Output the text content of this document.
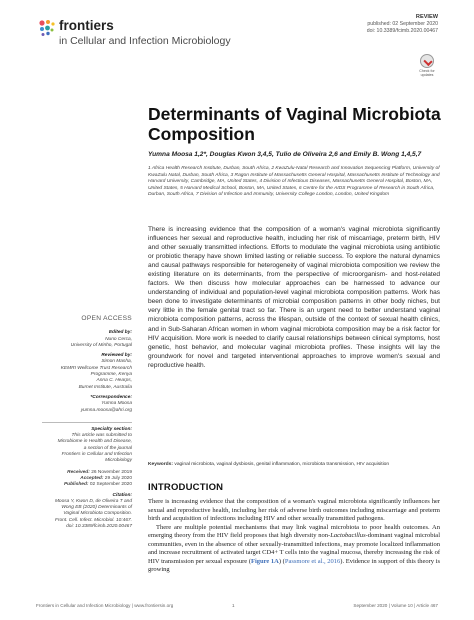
frontiers
in Cellular and Infection Microbiology
REVIEW
published: 02 September 2020
doi: 10.3389/fcimb.2020.00467
Check for updates
Determinants of Vaginal Microbiota
Composition
Yumna Moosa 1,2*, Douglas Kwon 3,4,5, Tulio de Oliveira 2,6 and Emily B. Wong 1,4,5,7
1 Africa Health Research Institute, Durban, South Africa, 2 KwaZulu-Natal Research and Innovation Sequencing Platform, University of KwaZulu Natal, Durban, South Africa, 3 Ragon Institute of Massachusetts General Hospital, Massachusetts Institute of Technology and Harvard University, Cambridge, MA, United States, 4 Division of Infectious Diseases, Massachusetts General Hospital, Boston, MA, United States, 5 Harvard Medical School, Boston, MA, United States, 6 Centre for the AIDS Programme of Research in South Africa, Durban, South Africa, 7 Division of Infection and Immunity, University College London, London, United Kingdom
There is increasing evidence that the composition of a woman's vaginal microbiota significantly influences her sexual and reproductive health, including her risk of miscarriage, preterm birth, HIV and other sexually transmitted infections. Efforts to modulate the vaginal microbiota using antibiotic or probiotic therapy have shown limited lasting or reliable success. To explore the natural dynamics and causal pathways responsible for heterogeneity of vaginal microbiota composition we review the existing literature on its determinants, from the perspective of microorganism- and host-related factors. We then discuss how molecular approaches can be harnessed to advance our understanding of individual and population-level vaginal microbiota composition patterns. Work has been done to investigate determinants of microbial composition patterns in other body niches, but very little in the female genital tract so far. There is an urgent need to better understand vaginal microbiota composition patterns, across the lifespan, outside of the context of sexual health clinics, and in Sub-Saharan African women in whom vaginal microbiota composition may be a risk factor for HIV acquisition. More work is needed to clarify causal relationships between clinical symptoms, host genetic, host behavior, and molecular vaginal microbiota profiles. These insights will lay the groundwork for novel and targeted interventional approaches to improve women's sexual and reproductive health.
Keywords: vaginal microbiota, vaginal dysbiosis, genital inflammation, microbiota transmission, HIV acquisition
OPEN ACCESS
Edited by:
Nuno Cerca,
University of Minho, Portugal
Reviewed by:
Simon Masha,
KEMRI Wellcome Trust Research
Programme, Kenya
Anna C. Hearps,
Burnet Institute, Australia
*Correspondence:
Yumna Moosa
yumna.moosa@ahri.org
Specialty section:
This article was submitted to
Microbiome in Health and Disease,
a section of the journal
Frontiers in Cellular and Infection
Microbiology
Received: 26 November 2019
Accepted: 29 July 2020
Published: 02 September 2020
Citation:
Moosa Y, Kwon D, de Oliveira T and
Wong EB (2020) Determinants of
Vaginal Microbiota Composition.
Front. Cell. Infect. Microbiol. 10:467.
doi: 10.3389/fcimb.2020.00467
INTRODUCTION

There is increasing evidence that the composition of a woman's vaginal microbiota significantly influences her sexual and reproductive health, including her risk of adverse birth outcomes including miscarriage and preterm birth and acquisition of infections including HIV and other sexually transmitted pathogens.

There are multiple potential mechanisms that may link vaginal microbiota to poor health outcomes. An emerging theory from the HIV field proposes that high diversity non-Lactobacillus-dominant vaginal microbial communities, even in the absence of other sexually-transmitted infections, may promote localized inflammation and increase recruitment of activated target CD4+ T cells into the vaginal mucosa, thereby increasing the risk of HIV transmission per sexual exposure (Figure 1A) (Passmore et al., 2016). Evidence in support of this theory is growing

Frontiers in Cellular and Infection Microbiology | www.frontiersin.org	1	September 2020 | Volume 10 | Article 467
